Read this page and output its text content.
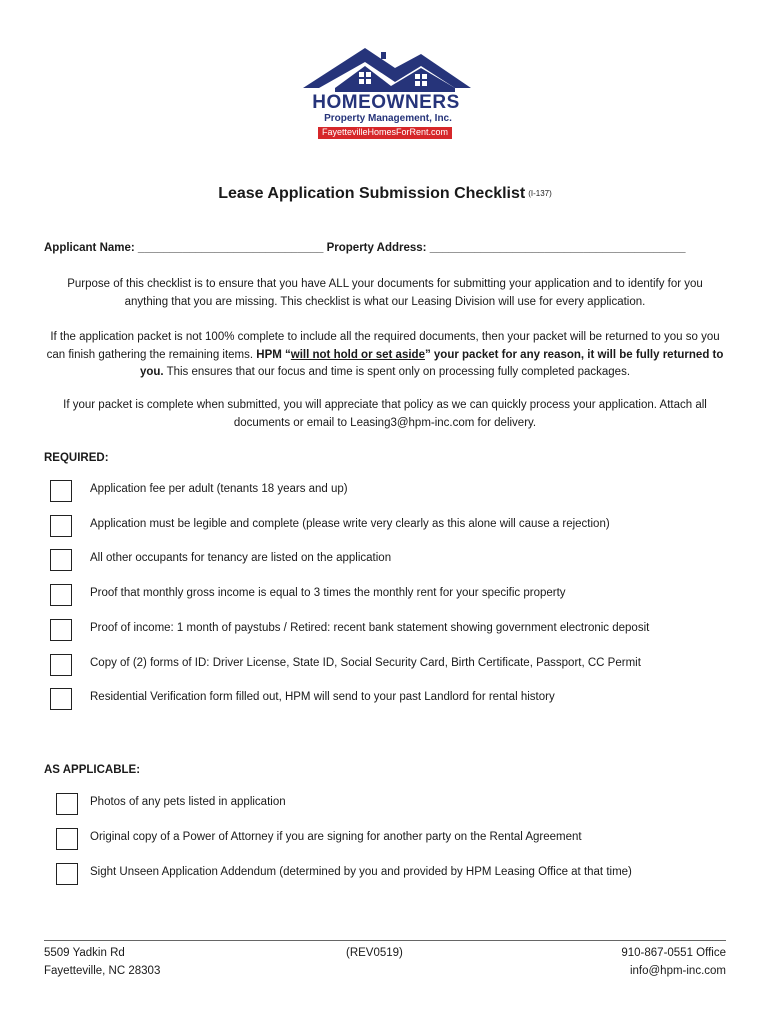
HOMEOWNERS
Property Management, Inc.
FayettevilleHomesForRent.com
Lease Application Submission Checklist (I-137)
Applicant Name: _____________________________ Property Address: ________________________________________
Purpose of this checklist is to ensure that you have ALL your documents for submitting your application and to identify for you anything that you are missing. This checklist is what our Leasing Division will use for every application.
If the application packet is not 100% complete to include all the required documents, then your packet will be returned to you so you can finish gathering the remaining items. HPM “will not hold or set aside” your packet for any reason, it will be fully returned to you. This ensures that our focus and time is spent only on processing fully completed packages.
If your packet is complete when submitted, you will appreciate that policy as we can quickly process your application. Attach all documents or email to Leasing3@hpm-inc.com for delivery.
REQUIRED:
Application fee per adult (tenants 18 years and up)
Application must be legible and complete (please write very clearly as this alone will cause a rejection)
All other occupants for tenancy are listed on the application
Proof that monthly gross income is equal to 3 times the monthly rent for your specific property
Proof of income: 1 month of paystubs / Retired: recent bank statement showing government electronic deposit
Copy of (2) forms of ID: Driver License, State ID, Social Security Card, Birth Certificate, Passport, CC Permit
Residential Verification form filled out, HPM will send to your past Landlord for rental history
AS APPLICABLE:
Photos of any pets listed in application
Original copy of a Power of Attorney if you are signing for another party on the Rental Agreement
Sight Unseen Application Addendum (determined by you and provided by HPM Leasing Office at that time)
5509 Yadkin Rd
Fayetteville, NC 28303
(REV0519)	910-867-0551 Office
info@hpm-inc.com
